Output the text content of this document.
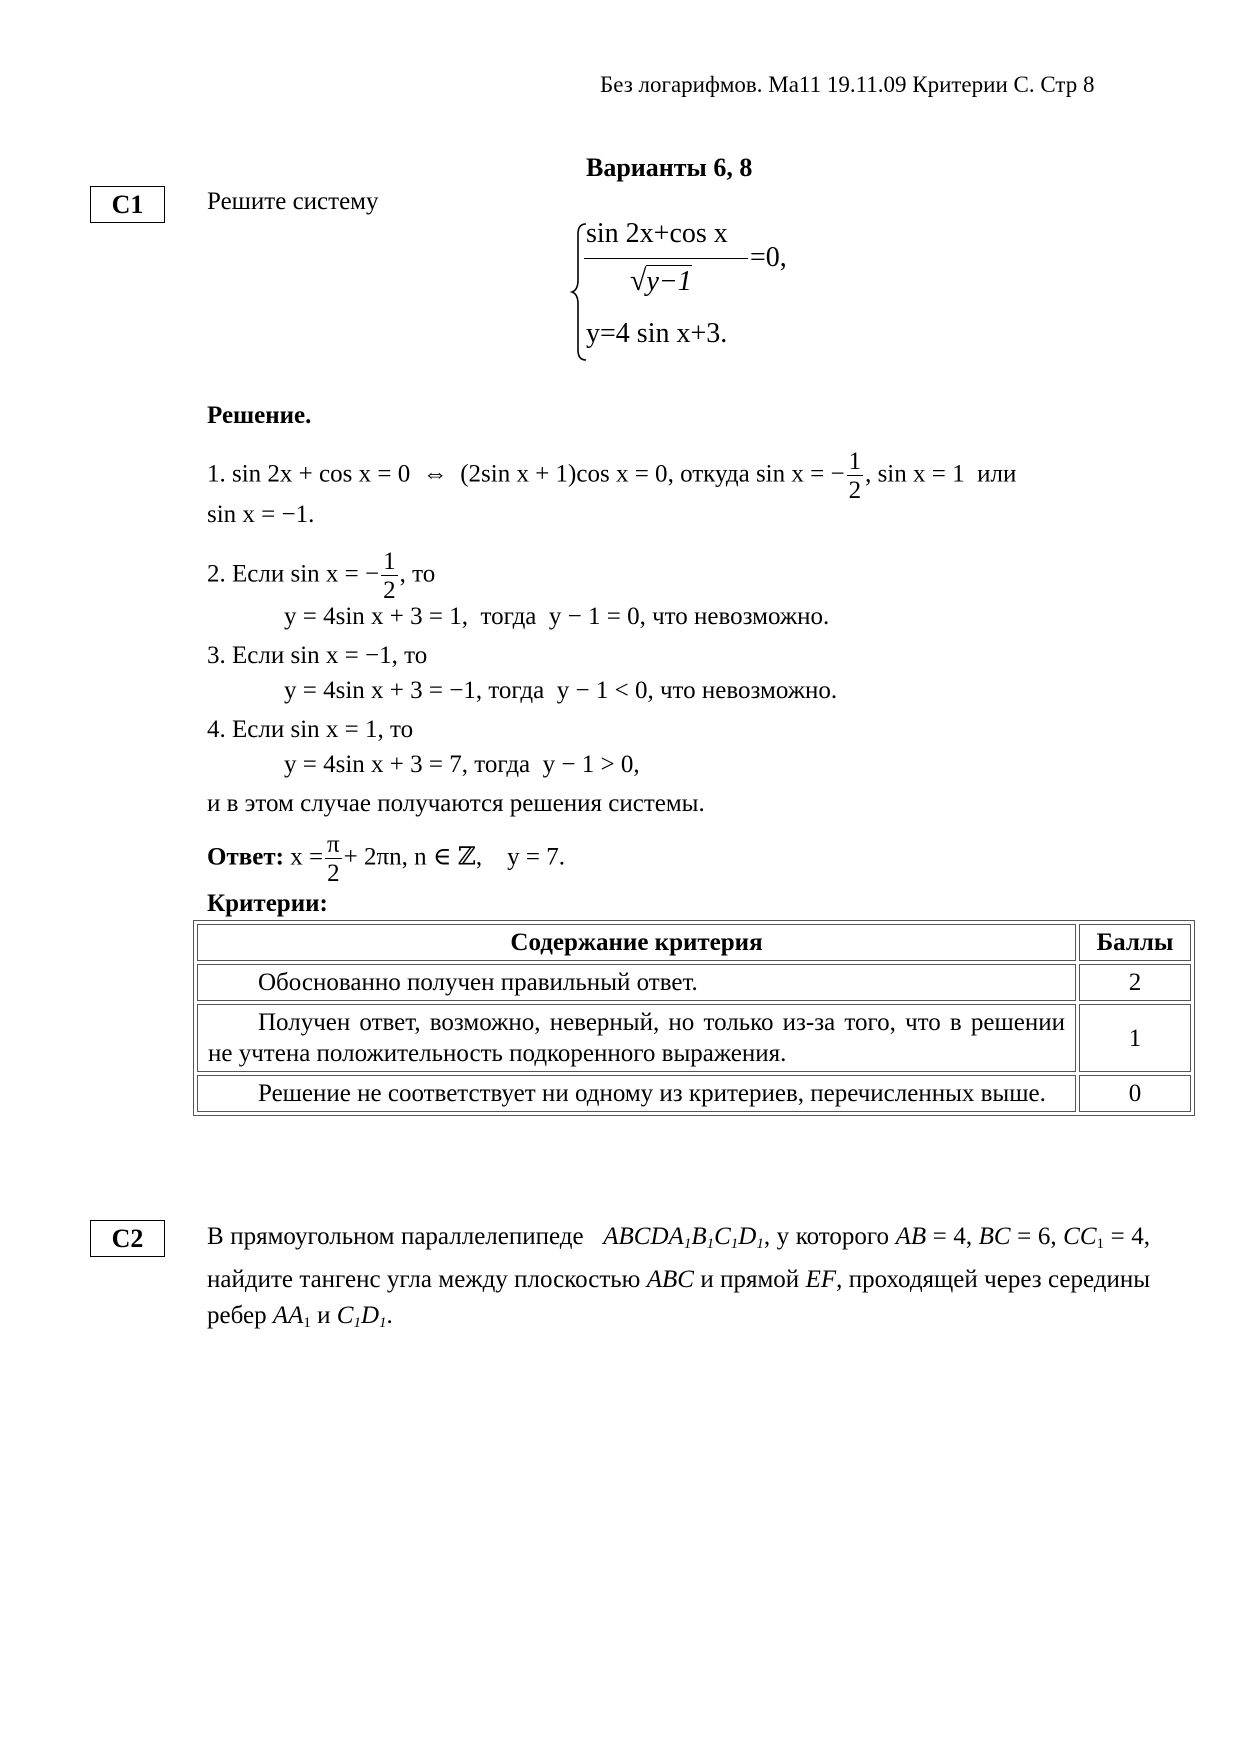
Без логарифмов. Ма11 19.11.09 Критерии С. Стр 8
Варианты 6, 8
С1	Решите систему
sin 2x+cos x
√y−1
=0,
y=4 sin x+3.
Решение.
1. sin 2x + cos x = 0 ⇔ (2sin x + 1)cos x = 0, откуда sin x = − $\frac{1}{2}$ , sin x = 1 или
sin x = −1.
2. Если sin x = − $\frac{1}{2}$ , то
y = 4sin x + 3 = 1, тогда y − 1 = 0, что невозможно.
3. Если sin x = −1, то
y = 4sin x + 3 = −1, тогда y − 1 < 0, что невозможно.
4. Если sin x = 1, то
y = 4sin x + 3 = 7, тогда y − 1 > 0,
и в этом случае получаются решения системы.
Ответ: $x = \frac{\pi}{2} + 2\pi n$, n ∈ ℤ, y = 7.
Критерии:
Содержание критерия	Баллы
Обоснованно получен правильный ответ.	2
Получен ответ, возможно, неверный, но только из-за того, что в решении не учтена положительность подкоренного выражения.	1
Решение не соответствует ни одному из критериев, перечисленных выше.	0
С2	В прямоугольном параллелепипеде $ABCDA_1B_1C_1D_1$, у которого AB = 4, BC = 6, $CC_1 = 4$, найдите тангенс угла между плоскостью ABC и прямой EF, проходящей через середины ребер $AA_1$ и $C_1D_1$.
